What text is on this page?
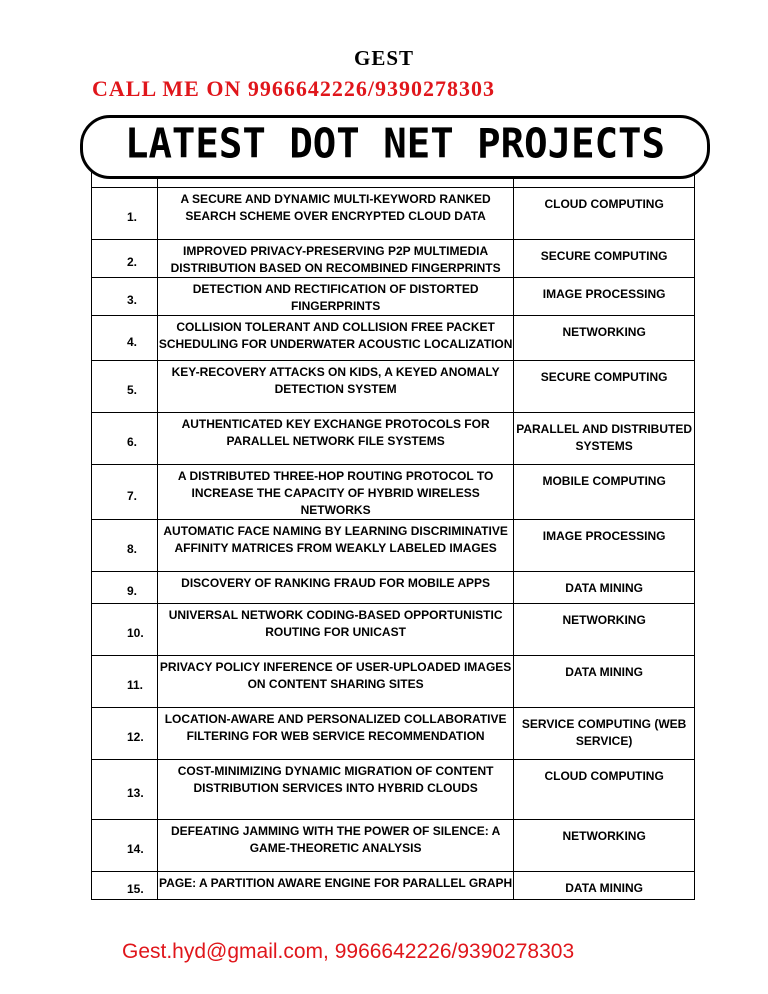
GEST
CALL ME ON 9966642226/9390278303
LATEST DOT NET PROJECTS

1.	A SECURE AND DYNAMIC MULTI-KEYWORD RANKED SEARCH SCHEME OVER ENCRYPTED CLOUD DATA	CLOUD COMPUTING
2.	IMPROVED PRIVACY-PRESERVING P2P MULTIMEDIA DISTRIBUTION BASED ON RECOMBINED FINGERPRINTS	SECURE COMPUTING
3.	DETECTION AND RECTIFICATION OF DISTORTED FINGERPRINTS	IMAGE PROCESSING
4.	COLLISION TOLERANT AND COLLISION FREE PACKET SCHEDULING FOR UNDERWATER ACOUSTIC LOCALIZATION	NETWORKING
5.	KEY-RECOVERY ATTACKS ON KIDS, A KEYED ANOMALY DETECTION SYSTEM	SECURE COMPUTING
6.	AUTHENTICATED KEY EXCHANGE PROTOCOLS FOR PARALLEL NETWORK FILE SYSTEMS	PARALLEL AND DISTRIBUTED SYSTEMS
7.	A DISTRIBUTED THREE-HOP ROUTING PROTOCOL TO INCREASE THE CAPACITY OF HYBRID WIRELESS NETWORKS	MOBILE COMPUTING
8.	AUTOMATIC FACE NAMING BY LEARNING DISCRIMINATIVE AFFINITY MATRICES FROM WEAKLY LABELED IMAGES	IMAGE PROCESSING
9.	DISCOVERY OF RANKING FRAUD FOR MOBILE APPS	DATA MINING
10.	UNIVERSAL NETWORK CODING-BASED OPPORTUNISTIC ROUTING FOR UNICAST	NETWORKING
11.	PRIVACY POLICY INFERENCE OF USER-UPLOADED IMAGES ON CONTENT SHARING SITES	DATA MINING
12.	LOCATION-AWARE AND PERSONALIZED COLLABORATIVE FILTERING FOR WEB SERVICE RECOMMENDATION	SERVICE COMPUTING (WEB SERVICE)
13.	COST-MINIMIZING DYNAMIC MIGRATION OF CONTENT DISTRIBUTION SERVICES INTO HYBRID CLOUDS	CLOUD COMPUTING
14.	DEFEATING JAMMING WITH THE POWER OF SILENCE: A GAME-THEORETIC ANALYSIS	NETWORKING
15.	PAGE: A PARTITION AWARE ENGINE FOR PARALLEL GRAPH	DATA MINING
Gest.hyd@gmail.com, 9966642226/9390278303
